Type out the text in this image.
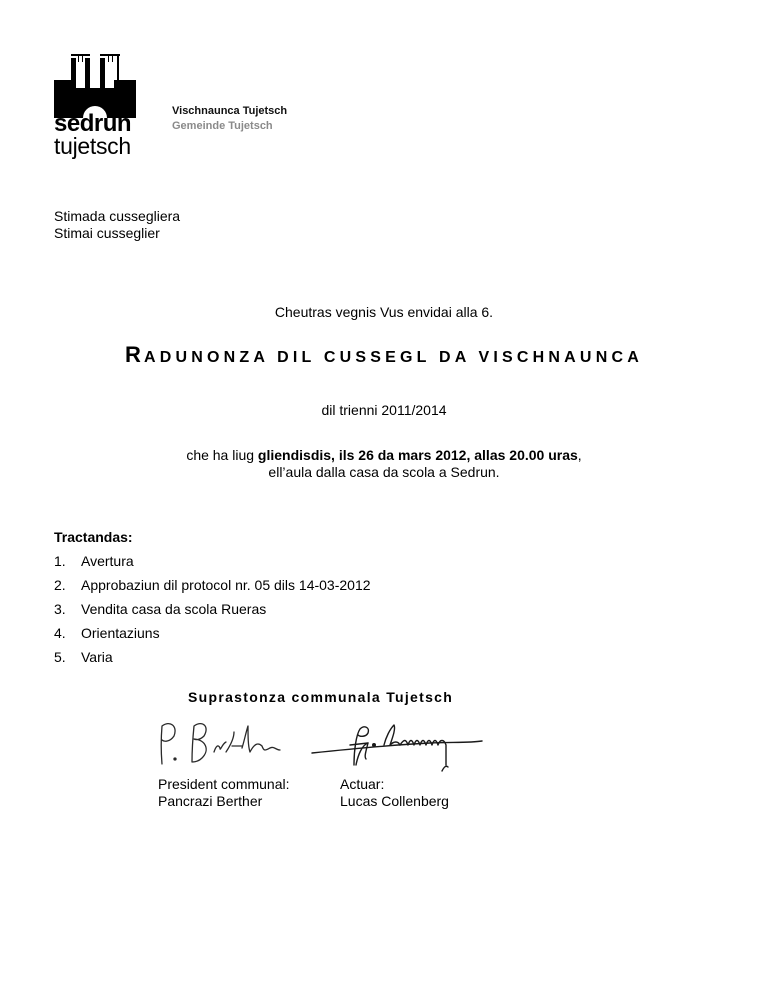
sedrun
tujetsch
Vischnaunca Tujetsch
Gemeinde Tujetsch
Stimada cussegliera
Stimai cusseglier
Cheutras vegnis Vus envidai alla 6.
RADUNONZA DIL CUSSEGL DA VISCHNAUNCA
dil trienni 2011/2014
che ha liug gliendisdis, ils 26 da mars 2012, allas 20.00 uras,
ell’aula dalla casa da scola a Sedrun.
Tractandas:
1. Avertura
2. Approbaziun dil protocol nr. 05 dils 14-03-2012
3. Vendita casa da scola Rueras
4. Orientaziuns
5. Varia
Suprastonza communala Tujetsch
President communal:
Pancrazi Berther
Actuar:
Lucas Collenberg
